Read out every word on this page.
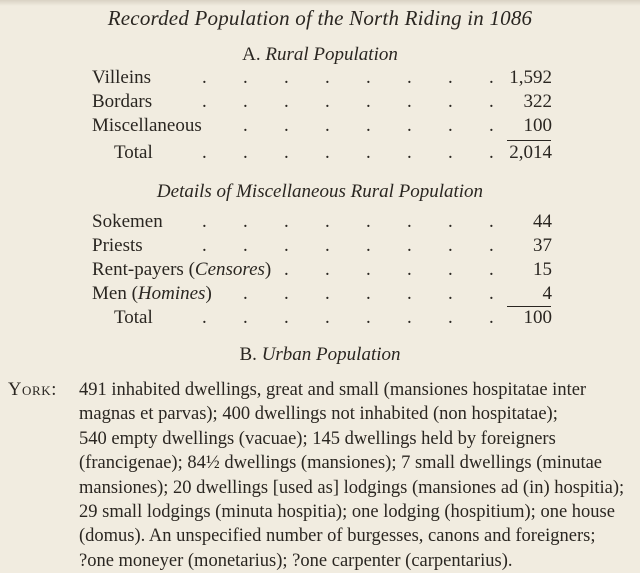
Recorded Population of the North Riding in 1086
A. Rural Population
Villeins	. . . . . . . . 1,592
Bordars	. . . . . . . . 322
Miscellaneous . . . . . . . 100
Total	. . . . . . . . 2,014
Details of Miscellaneous Rural Population
Sokemen . . . . . . . . 44
Priests	. . . . . . . . 37
Rent-payers (Censores) . . . . . . 15
Men (Homines) . . . . . . .	4
Total	. . . . . . . . 100
B. Urban Population
York: 491 inhabited dwellings, great and small (mansiones hospitatae inter
magnas et parvas); 400 dwellings not inhabited (non hospitatae);
540 empty dwellings (vacuae); 145 dwellings held by foreigners
(francigenae); 84½ dwellings (mansiones); 7 small dwellings (minutae
mansiones); 20 dwellings [used as] lodgings (mansiones ad (in) hospitia);
29 small lodgings (minuta hospitia); one lodging (hospitium); one house
(domus). An unspecified number of burgesses, canons and foreigners;
?one moneyer (monetarius); ?one carpenter (carpentarius).
